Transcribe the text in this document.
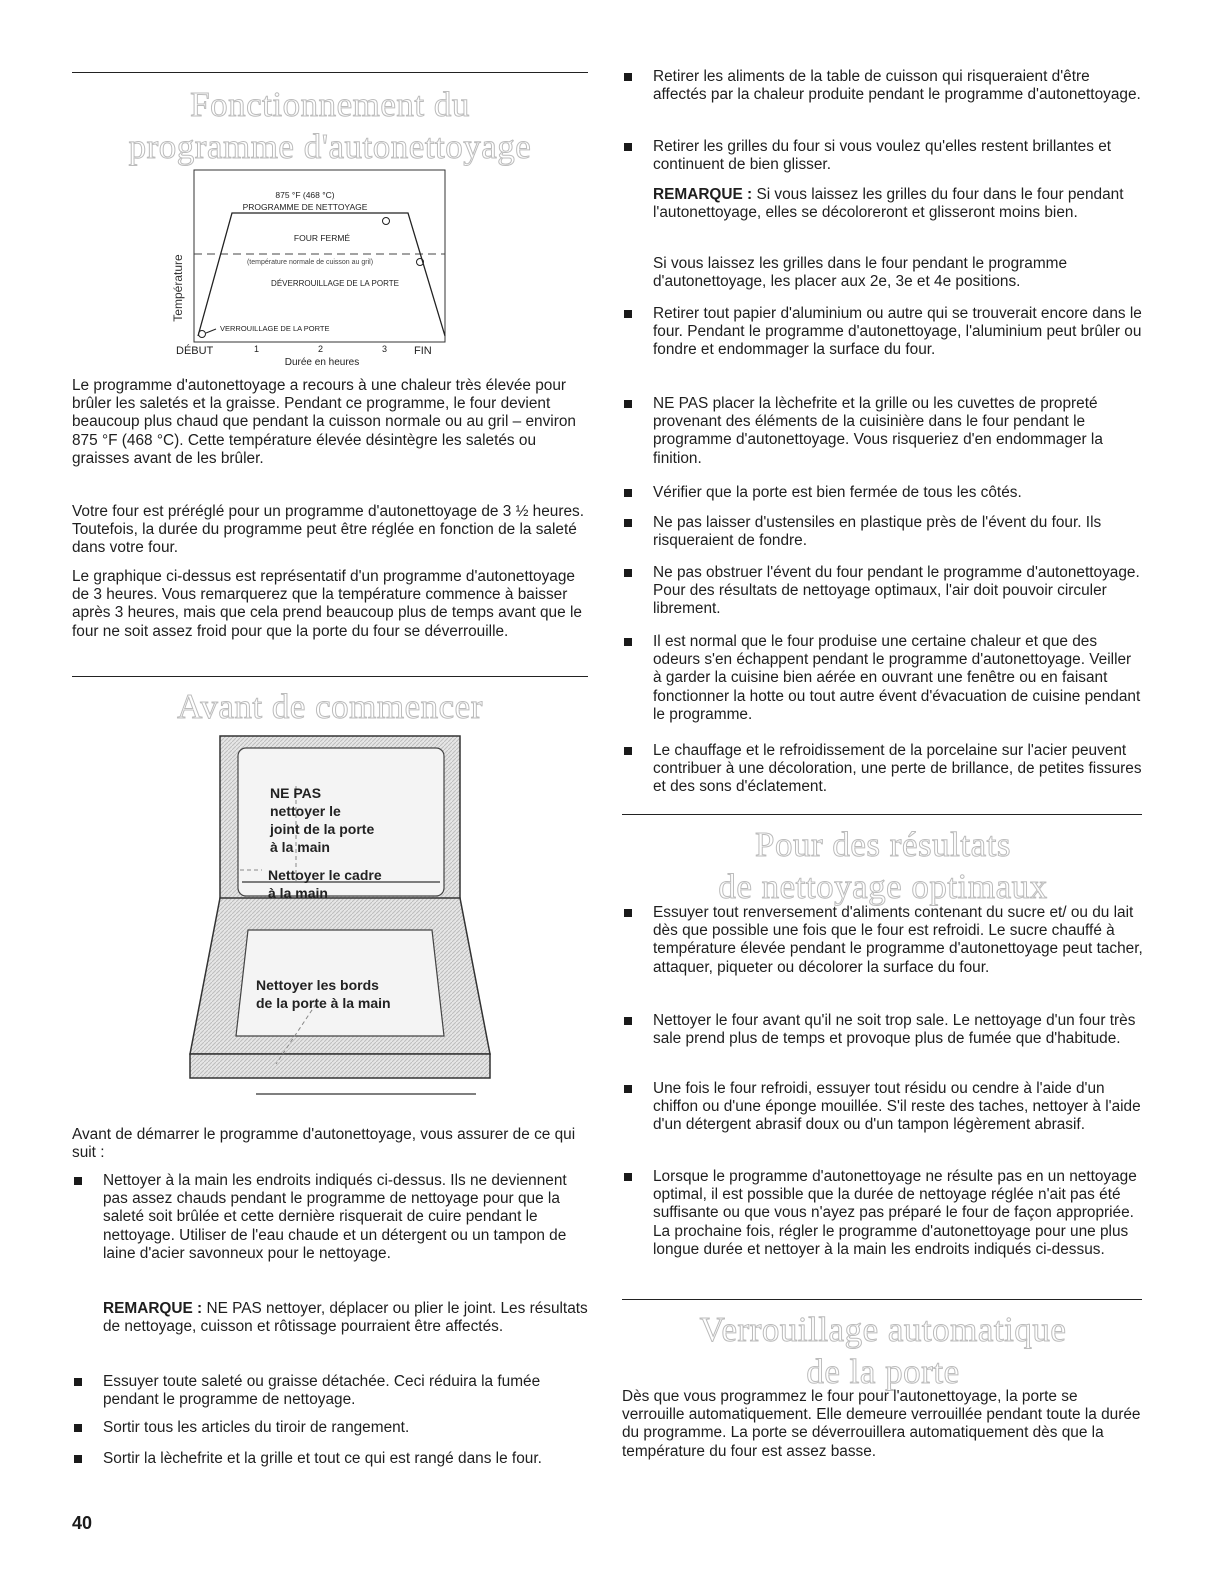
Fonctionnement du
programme d'autonettoyage
Température
875 °F (468 °C)
PROGRAMME DE NETTOYAGE
FOUR FERMÉ
(température normale de cuisson au gril)
DÉVERROUILLAGE DE LA PORTE
VERROUILLAGE DE LA PORTE
DÉBUT	1	2	3 FIN
Durée en heures
Le programme d'autonettoyage a recours à une chaleur très élevée pour brûler les saletés et la graisse. Pendant ce programme, le four devient beaucoup plus chaud que pendant la cuisson normale ou au gril – environ 875 °F (468 °C). Cette température élevée désintègre les saletés ou graisses avant de les brûler.
Votre four est préréglé pour un programme d'autonettoyage de 3 ½ heures. Toutefois, la durée du programme peut être réglée en fonction de la saleté dans votre four.
Le graphique ci-dessus est représentatif d'un programme d'autonettoyage de 3 heures. Vous remarquerez que la température commence à baisser après 3 heures, mais que cela prend beaucoup plus de temps avant que le four ne soit assez froid pour que la porte du four se déverrouille.
Avant de commencer
NE PAS
nettoyer le
joint de la porte
à la main
Nettoyer le cadre
à la main
Nettoyer les bords
de la porte à la main
Avant de démarrer le programme d'autonettoyage, vous assurer de ce qui suit :
Nettoyer à la main les endroits indiqués ci-dessus. Ils ne deviennent pas assez chauds pendant le programme de nettoyage pour que la saleté soit brûlée et cette dernière risquerait de cuire pendant le nettoyage. Utiliser de l'eau chaude et un détergent ou un tampon de laine d'acier savonneux pour le nettoyage.
REMARQUE : NE PAS nettoyer, déplacer ou plier le joint. Les résultats de nettoyage, cuisson et rôtissage pourraient être affectés.
Essuyer toute saleté ou graisse détachée. Ceci réduira la fumée pendant le programme de nettoyage.
Sortir tous les articles du tiroir de rangement.
Sortir la lèchefrite et la grille et tout ce qui est rangé dans le four.
Retirer les aliments de la table de cuisson qui risqueraient d'être affectés par la chaleur produite pendant le programme d'autonettoyage.
Retirer les grilles du four si vous voulez qu'elles restent brillantes et continuent de bien glisser.
REMARQUE : Si vous laissez les grilles du four dans le four pendant l'autonettoyage, elles se décoloreront et glisseront moins bien.
Si vous laissez les grilles dans le four pendant le programme d'autonettoyage, les placer aux 2e, 3e et 4e positions.
Retirer tout papier d'aluminium ou autre qui se trouverait encore dans le four. Pendant le programme d'autonettoyage, l'aluminium peut brûler ou fondre et endommager la surface du four.
NE PAS placer la lèchefrite et la grille ou les cuvettes de propreté provenant des éléments de la cuisinière dans le four pendant le programme d'autonettoyage. Vous risqueriez d'en endommager la finition.
Vérifier que la porte est bien fermée de tous les côtés.
Ne pas laisser d'ustensiles en plastique près de l'évent du four. Ils risqueraient de fondre.
Ne pas obstruer l'évent du four pendant le programme d'autonettoyage. Pour des résultats de nettoyage optimaux, l'air doit pouvoir circuler librement.
Il est normal que le four produise une certaine chaleur et que des odeurs s'en échappent pendant le programme d'autonettoyage. Veiller à garder la cuisine bien aérée en ouvrant une fenêtre ou en faisant fonctionner la hotte ou tout autre évent d'évacuation de cuisine pendant le programme.
Le chauffage et le refroidissement de la porcelaine sur l'acier peuvent contribuer à une décoloration, une perte de brillance, de petites fissures et des sons d'éclatement.
Pour des résultats
de nettoyage optimaux
Essuyer tout renversement d'aliments contenant du sucre et/ ou du lait dès que possible une fois que le four est refroidi. Le sucre chauffé à température élevée pendant le programme d'autonettoyage peut tacher, attaquer, piqueter ou décolorer la surface du four.
Nettoyer le four avant qu'il ne soit trop sale. Le nettoyage d'un four très sale prend plus de temps et provoque plus de fumée que d'habitude.
Une fois le four refroidi, essuyer tout résidu ou cendre à l'aide d'un chiffon ou d'une éponge mouillée. S'il reste des taches, nettoyer à l'aide d'un détergent abrasif doux ou d'un tampon légèrement abrasif.
Lorsque le programme d'autonettoyage ne résulte pas en un nettoyage optimal, il est possible que la durée de nettoyage réglée n'ait pas été suffisante ou que vous n'ayez pas préparé le four de façon appropriée. La prochaine fois, régler le programme d'autonettoyage pour une plus longue durée et nettoyer à la main les endroits indiqués ci-dessus.
Verrouillage automatique
de la porte
Dès que vous programmez le four pour l'autonettoyage, la porte se verrouille automatiquement. Elle demeure verrouillée pendant toute la durée du programme. La porte se déverrouillera automatiquement dès que la température du four est assez basse.
40
